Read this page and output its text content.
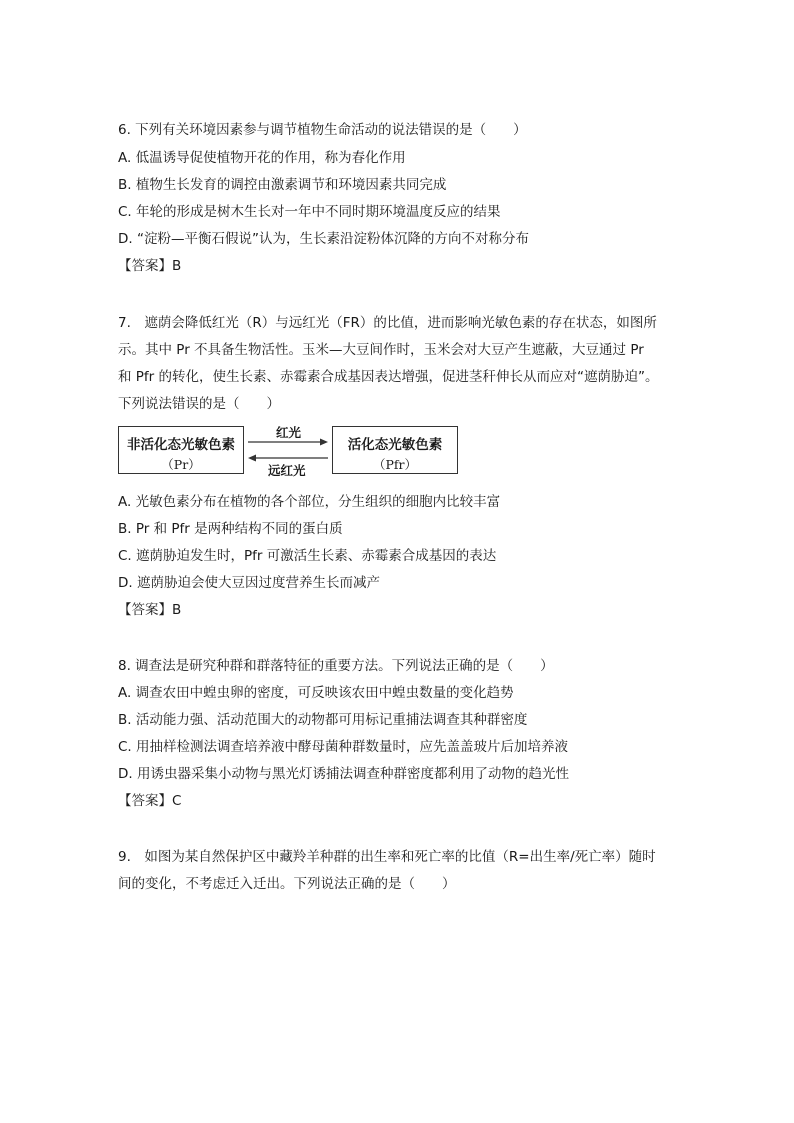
6. 下列有关环境因素参与调节植物生命活动的说法错误的是（　　）
A. 低温诱导促使植物开花的作用，称为春化作用
B. 植物生长发育的调控由激素调节和环境因素共同完成
C. 年轮的形成是树木生长对一年中不同时期环境温度反应的结果
D. “淀粉—平衡石假说”认为，生长素沿淀粉体沉降的方向不对称分布
【答案】B
7.　遮荫会降低红光（R）与远红光（FR）的比值，进而影响光敏色素的存在状态，如图所
示。其中 Pr 不具备生物活性。玉米—大豆间作时，玉米会对大豆产生遮蔽，大豆通过 Pr
和 Pfr 的转化，使生长素、赤霉素合成基因表达增强，促进茎秆伸长从而应对“遮荫胁迫”。
下列说法错误的是（　　）
非活化态光敏色素
（Pr）
红光
远红光
活化态光敏色素
（Pfr）
A. 光敏色素分布在植物的各个部位，分生组织的细胞内比较丰富
B. Pr 和 Pfr 是两种结构不同的蛋白质
C. 遮荫胁迫发生时，Pfr 可激活生长素、赤霉素合成基因的表达
D. 遮荫胁迫会使大豆因过度营养生长而减产
【答案】B
8. 调查法是研究种群和群落特征的重要方法。下列说法正确的是（　　）
A. 调查农田中蝗虫卵的密度，可反映该农田中蝗虫数量的变化趋势
B. 活动能力强、活动范围大的动物都可用标记重捕法调查其种群密度
C. 用抽样检测法调查培养液中酵母菌种群数量时，应先盖盖玻片后加培养液
D. 用诱虫器采集小动物与黑光灯诱捕法调查种群密度都利用了动物的趋光性
【答案】C
9.　如图为某自然保护区中藏羚羊种群的出生率和死亡率的比值（R=出生率/死亡率）随时
间的变化，不考虑迁入迁出。下列说法正确的是（　　）
